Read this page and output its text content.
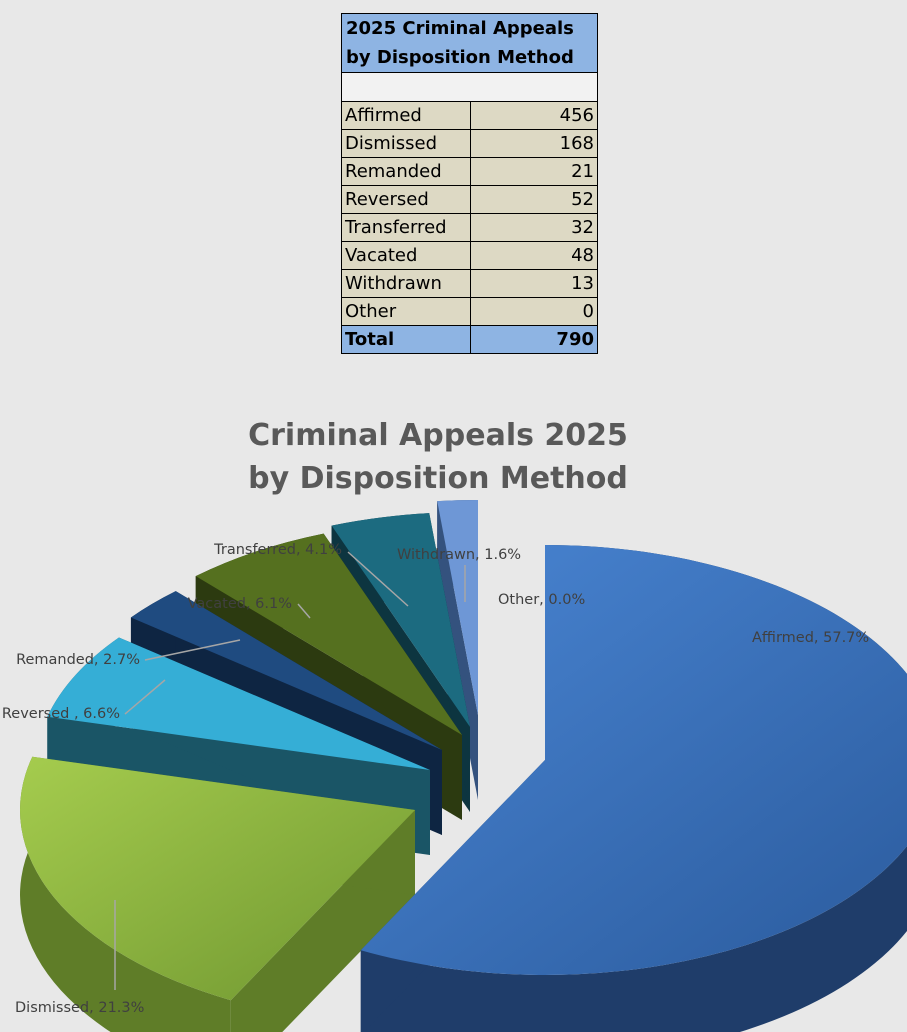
2025 Criminal Appeals
by Disposition Method	

Affirmed	456
Dismissed	168
Remanded	21
Reversed	52
Transferred	32
Vacated	48
Withdrawn	13
Other	0
Total	790
Criminal Appeals 2025
by Disposition Method
Other, 0.0%
Withdrawn, 1.6%
Transferred, 4.1%
Vacated, 6.1%
Remanded, 2.7%
Reversed , 6.6%
Dismissed, 21.3%
Affirmed, 57.7%
